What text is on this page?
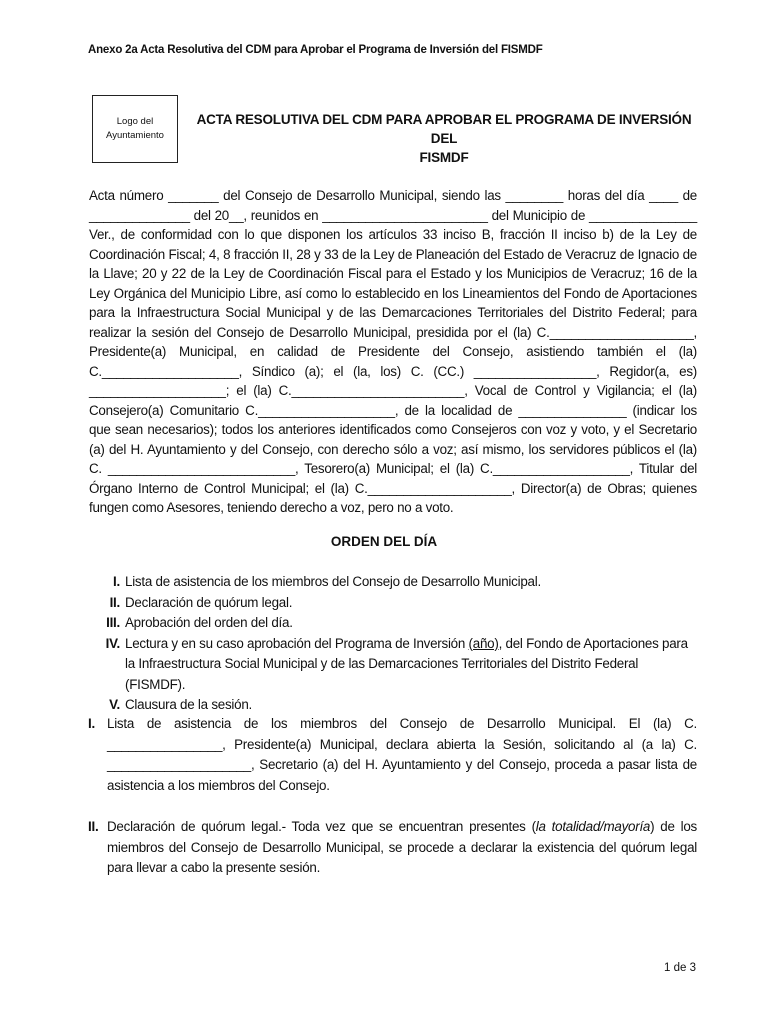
Anexo 2a Acta Resolutiva del CDM para Aprobar el Programa de Inversión del FISMDF
Logo del
Ayuntamiento
ACTA RESOLUTIVA DEL CDM PARA APROBAR EL PROGRAMA DE INVERSIÓN DEL
FISMDF
Acta número _______ del Consejo de Desarrollo Municipal, siendo las ________ horas del día ____ de ______________ del 20__, reunidos en _______________________ del Municipio de _______________ Ver., de conformidad con lo que disponen los artículos 33 inciso B, fracción II inciso b) de la Ley de Coordinación Fiscal; 4, 8 fracción II, 28 y 33 de la Ley de Planeación del Estado de Veracruz de Ignacio de la Llave; 20 y 22 de la Ley de Coordinación Fiscal para el Estado y los Municipios de Veracruz; 16 de la Ley Orgánica del Municipio Libre, así como lo establecido en los Lineamientos del Fondo de Aportaciones para la Infraestructura Social Municipal y de las Demarcaciones Territoriales del Distrito Federal; para realizar la sesión del Consejo de Desarrollo Municipal, presidida por el (la) C.____________________, Presidente(a) Municipal, en calidad de Presidente del Consejo, asistiendo también el (la) C.___________________, Síndico (a); el (la, los) C. (CC.) _________________, Regidor(a, es) ___________________; el (la) C.________________________, Vocal de Control y Vigilancia; el (la) Consejero(a) Comunitario C.___________________, de la localidad de _______________ (indicar los que sean necesarios); todos los anteriores identificados como Consejeros con voz y voto, y el Secretario (a) del H. Ayuntamiento y del Consejo, con derecho sólo a voz; así mismo, los servidores públicos el (la) C. __________________________, Tesorero(a) Municipal; el (la) C.___________________, Titular del Órgano Interno de Control Municipal; el (la) C.____________________, Director(a) de Obras; quienes fungen como Asesores, teniendo derecho a voz, pero no a voto.
ORDEN DEL DÍA
I. Lista de asistencia de los miembros del Consejo de Desarrollo Municipal.
II. Declaración de quórum legal.
III. Aprobación del orden del día.
IV. Lectura y en su caso aprobación del Programa de Inversión (año), del Fondo de Aportaciones para la Infraestructura Social Municipal y de las Demarcaciones Territoriales del Distrito Federal (FISMDF).
V. Clausura de la sesión.
I. Lista de asistencia de los miembros del Consejo de Desarrollo Municipal. El (la) C. ________________, Presidente(a) Municipal, declara abierta la Sesión, solicitando al (a la) C. ____________________, Secretario (a) del H. Ayuntamiento y del Consejo, proceda a pasar lista de asistencia a los miembros del Consejo.
II. Declaración de quórum legal.- Toda vez que se encuentran presentes (la totalidad/mayoría) de los miembros del Consejo de Desarrollo Municipal, se procede a declarar la existencia del quórum legal para llevar a cabo la presente sesión.
1 de 3
